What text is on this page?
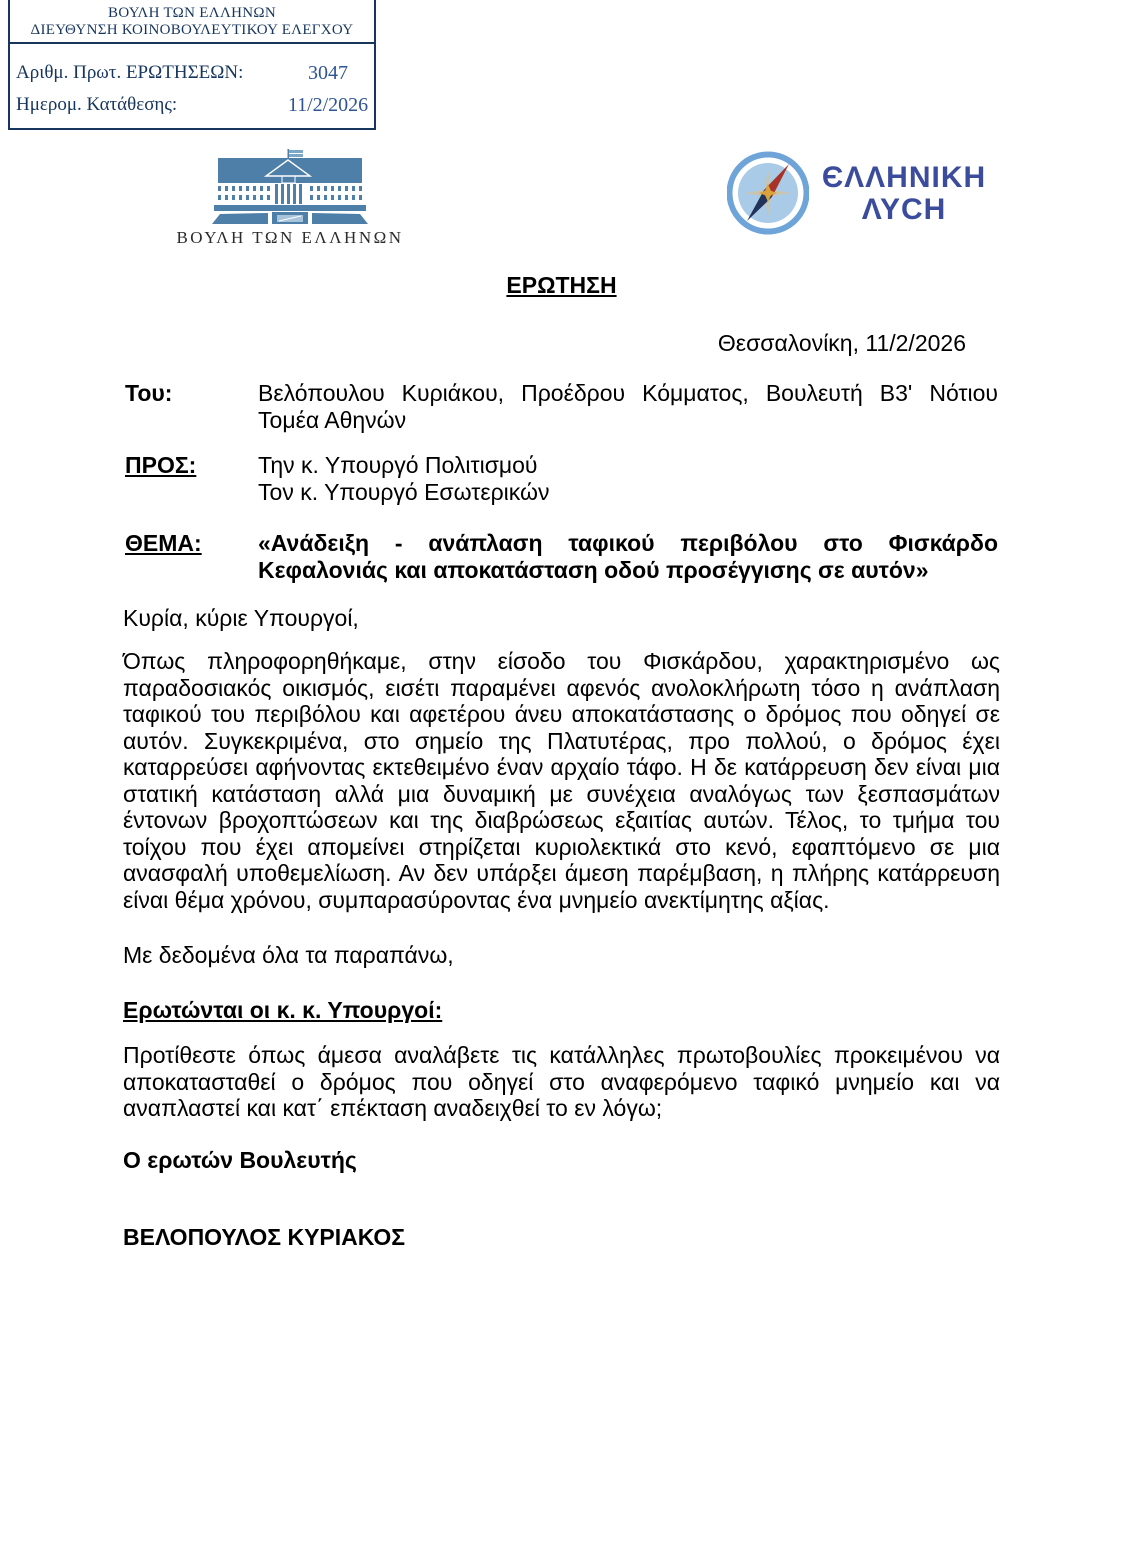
ΒΟΥΛΗ ΤΩΝ ΕΛΛΗΝΩΝ
ΔΙΕΥΘΥΝΣΗ ΚΟΙΝΟΒΟΥΛΕΥΤΙΚΟΥ ΕΛΕΓΧΟΥ
Αριθμ. Πρωτ. ΕΡΩΤΗΣΕΩΝ:	3047
Ημερομ. Κατάθεσης:	11/2/2026
ΒΟΥΛΗ ΤΩΝ ΕΛΛΗΝΩΝ
ЄΛΛΗΝΙΚΗ
ΛΥCΗ
ΕΡΩΤΗΣΗ
Θεσσαλονίκη, 11/2/2026
Του:	Βελόπουλου Κυριάκου, Προέδρου Κόμματος, Βουλευτή Β3' Νότιου Τομέα Αθηνών
ΠΡΟΣ:	Την κ. Υπουργό Πολιτισμού
Τον κ. Υπουργό Εσωτερικών
ΘΕΜΑ: «Ανάδειξη - ανάπλαση ταφικού περιβόλου στο Φισκάρδο Κεφαλονιάς και αποκατάσταση οδού προσέγγισης σε αυτόν»
Κυρία, κύριε Υπουργοί,
Όπως πληροφορηθήκαμε, στην είσοδο του Φισκάρδου, χαρακτηρισμένο ως παραδοσιακός οικισμός, εισέτι παραμένει αφενός ανολοκλήρωτη τόσο η ανάπλαση ταφικού του περιβόλου και αφετέρου άνευ αποκατάστασης ο δρόμος που οδηγεί σε αυτόν. Συγκεκριμένα, στο σημείο της Πλατυτέρας, προ πολλού, ο δρόμος έχει καταρρεύσει αφήνοντας εκτεθειμένο έναν αρχαίο τάφο. Η δε κατάρρευση δεν είναι μια στατική κατάσταση αλλά μια δυναμική με συνέχεια αναλόγως των ξεσπασμάτων έντονων βροχοπτώσεων και της διαβρώσεως εξαιτίας αυτών. Τέλος, το τμήμα του τοίχου που έχει απομείνει στηρίζεται κυριολεκτικά στο κενό, εφαπτόμενο σε μια ανασφαλή υποθεμελίωση. Αν δεν υπάρξει άμεση παρέμβαση, η πλήρης κατάρρευση είναι θέμα χρόνου, συμπαρασύροντας ένα μνημείο ανεκτίμητης αξίας.
Με δεδομένα όλα τα παραπάνω,
Ερωτώνται οι κ. κ. Υπουργοί:
Προτίθεστε όπως άμεσα αναλάβετε τις κατάλληλες πρωτοβουλίες προκειμένου να αποκατασταθεί ο δρόμος που οδηγεί στο αναφερόμενο ταφικό μνημείο και να αναπλαστεί και κατ΄ επέκταση αναδειχθεί το εν λόγω;
Ο ερωτών Βουλευτής
ΒΕΛΟΠΟΥΛΟΣ ΚΥΡΙΑΚΟΣ
